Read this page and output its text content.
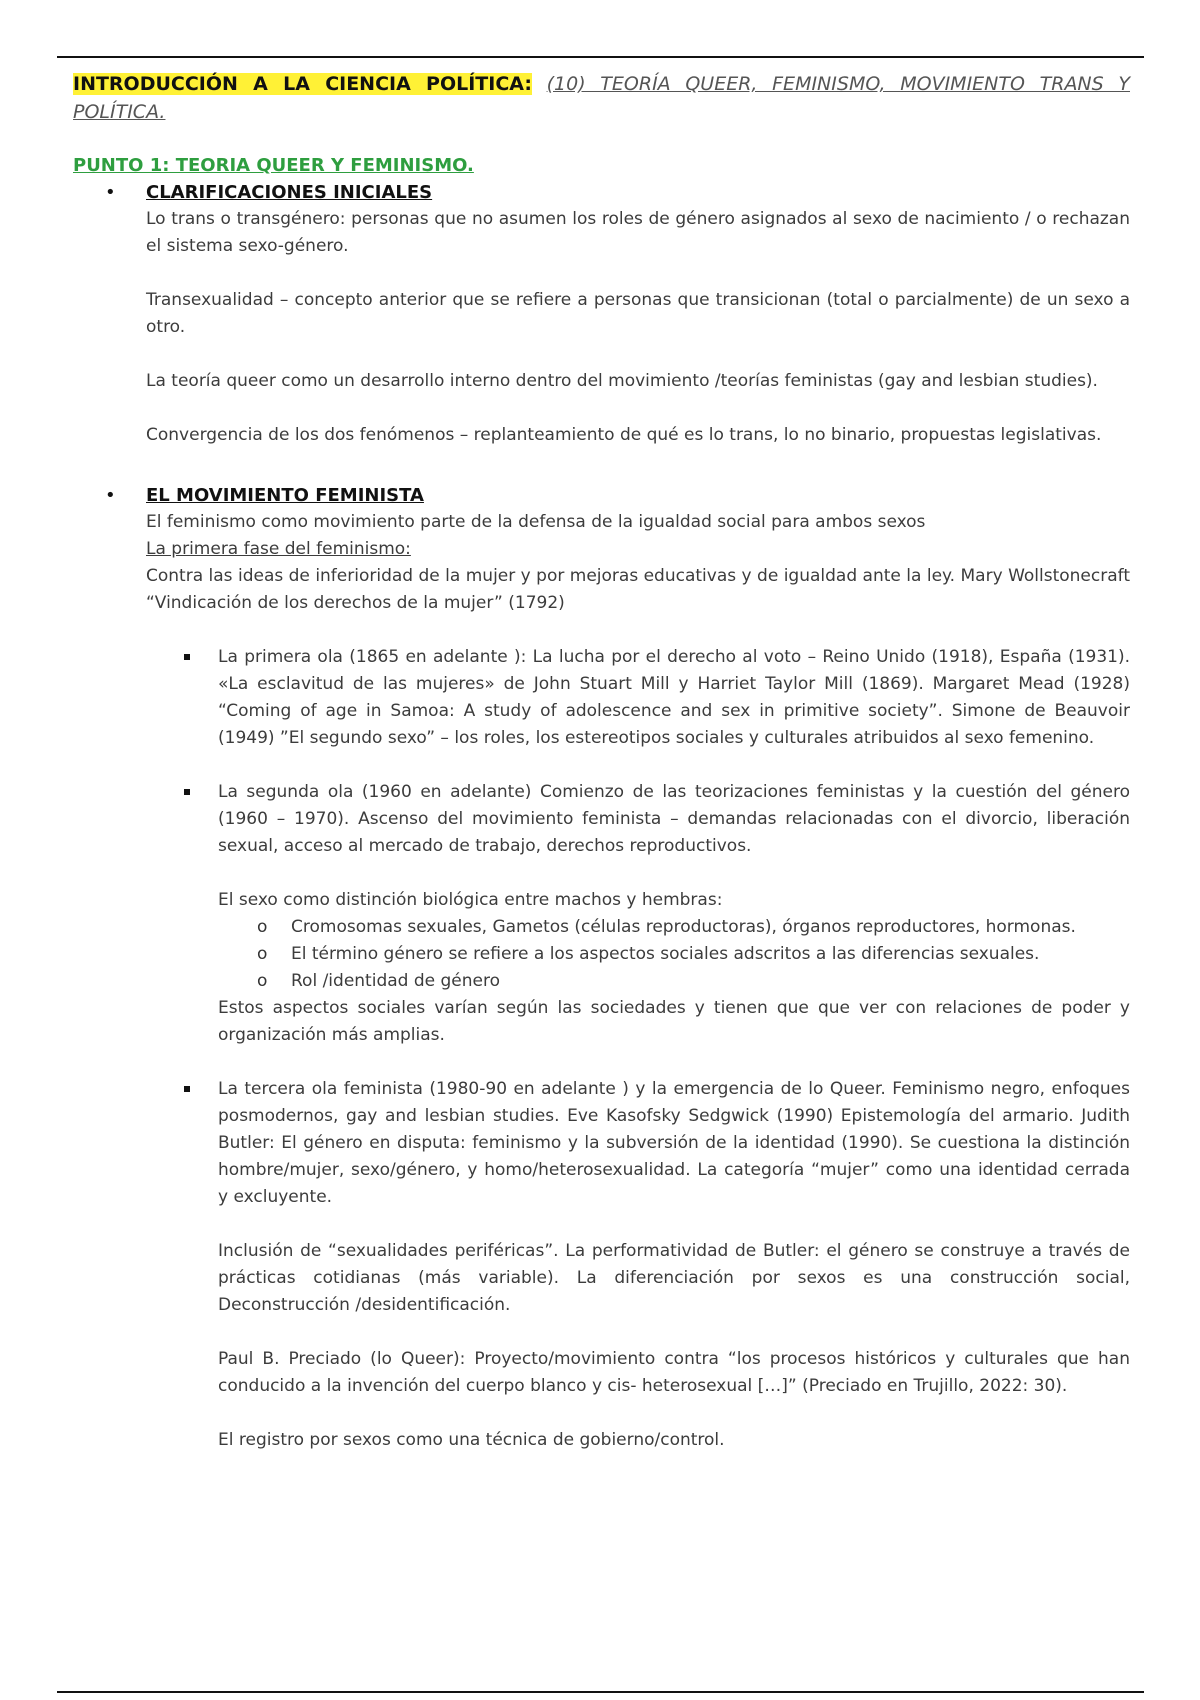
INTRODUCCIÓN A LA CIENCIA POLÍTICA: (10) TEORÍA QUEER, FEMINISMO, MOVIMIENTO TRANS Y POLÍTICA.

PUNTO 1: TEORIA QUEER Y FEMINISMO.

• CLARIFICACIONES INICIALES

Lo trans o transgénero: personas que no asumen los roles de género asignados al sexo de nacimiento / o rechazan el sistema sexo-género.

Transexualidad – concepto anterior que se refiere a personas que transicionan (total o parcialmente) de un sexo a otro.

La teoría queer como un desarrollo interno dentro del movimiento /teorías feministas (gay and lesbian studies).

Convergencia de los dos fenómenos – replanteamiento de qué es lo trans, lo no binario, propuestas legislativas.

• EL MOVIMIENTO FEMINISTA

El feminismo como movimiento parte de la defensa de la igualdad social para ambos sexos

La primera fase del feminismo:

Contra las ideas de inferioridad de la mujer y por mejoras educativas y de igualdad ante la ley. Mary Wollstonecraft “Vindicación de los derechos de la mujer” (1792)

La primera ola (1865 en adelante ): La lucha por el derecho al voto – Reino Unido (1918), España (1931). «La esclavitud de las mujeres» de John Stuart Mill y Harriet Taylor Mill (1869). Margaret Mead (1928) “Coming of age in Samoa: A study of adolescence and sex in primitive society”. Simone de Beauvoir (1949) ”El segundo sexo” – los roles, los estereotipos sociales y culturales atribuidos al sexo femenino.

La segunda ola (1960 en adelante) Comienzo de las teorizaciones feministas y la cuestión del género (1960 – 1970). Ascenso del movimiento feminista – demandas relacionadas con el divorcio, liberación sexual, acceso al mercado de trabajo, derechos reproductivos.

El sexo como distinción biológica entre machos y hembras:

o Cromosomas sexuales, Gametos (células reproductoras), órganos reproductores, hormonas.

o El término género se refiere a los aspectos sociales adscritos a las diferencias sexuales.

o Rol /identidad de género

Estos aspectos sociales varían según las sociedades y tienen que que ver con relaciones de poder y organización más amplias.

La tercera ola feminista (1980-90 en adelante ) y la emergencia de lo Queer. Feminismo negro, enfoques posmodernos, gay and lesbian studies. Eve Kasofsky Sedgwick (1990) Epistemología del armario. Judith Butler: El género en disputa: feminismo y la subversión de la identidad (1990). Se cuestiona la distinción hombre/mujer, sexo/género, y homo/heterosexualidad. La categoría “mujer” como una identidad cerrada y excluyente.

Inclusión de “sexualidades periféricas”. La performatividad de Butler: el género se construye a través de prácticas cotidianas (más variable). La diferenciación por sexos es una construcción social, Deconstrucción /desidentificación.

Paul B. Preciado (lo Queer): Proyecto/movimiento contra “los procesos históricos y culturales que han conducido a la invención del cuerpo blanco y cis- heterosexual […]” (Preciado en Trujillo, 2022: 30).

El registro por sexos como una técnica de gobierno/control.
